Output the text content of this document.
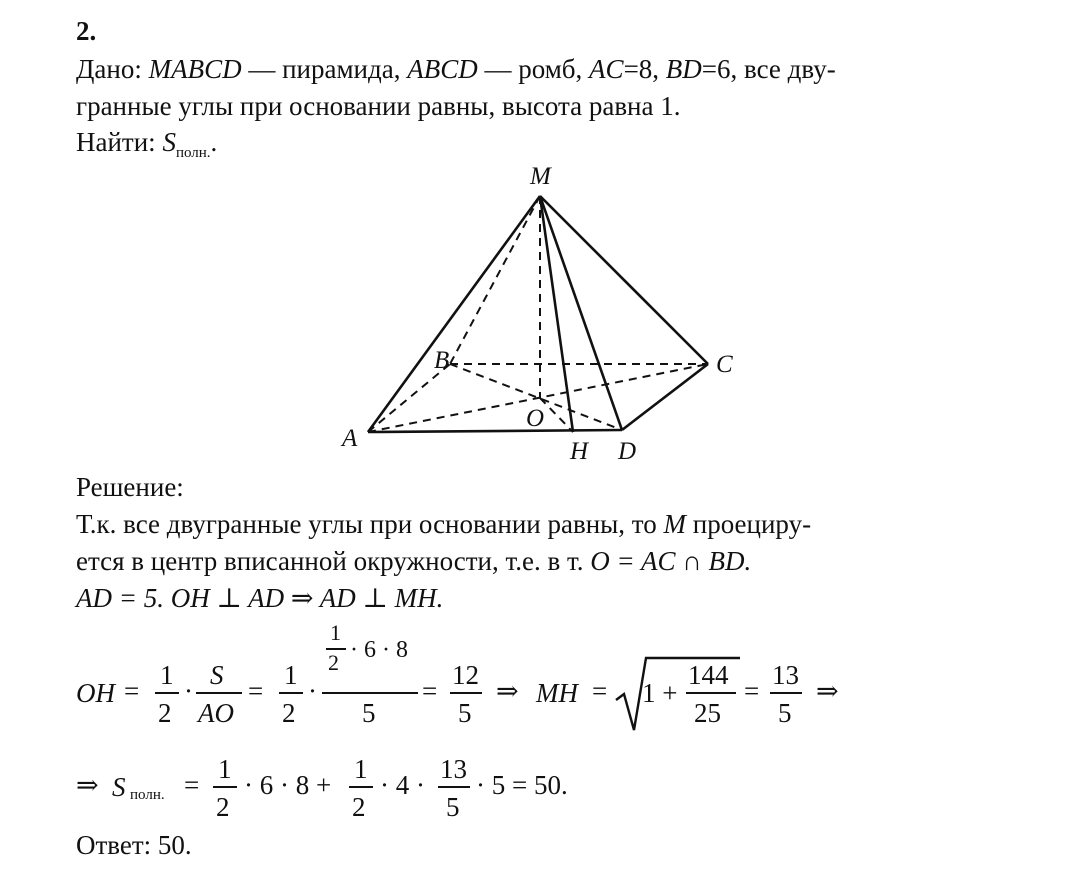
2.
Дано: MABCD — пирамида, ABCD — ромб, AC=8, BD=6, все дву-
гранные углы при основании равны, высота равна 1.
Найти: $S_{полн.}$.
M
B	C
O
A	H D
Решение:
Т.к. все двугранные углы при основании равны, то M проециру-
ется в центр вписанной окружности, т.е. в т. O = AC ∩ BD.
AD = 5. OH ⊥ AD ⇒ AD ⊥ MH.
OH =
1
2
·
S
AO
=
1
2
·
1
2 · 6 · 8
5
=
12
5
⇒ MH = 1 +
144
25
=
13
5
⇒
⇒ S полн. =
1
2
· 6 · 8 +
1
2
· 4 ·
13
5
· 5 = 50.
Ответ: 50.
